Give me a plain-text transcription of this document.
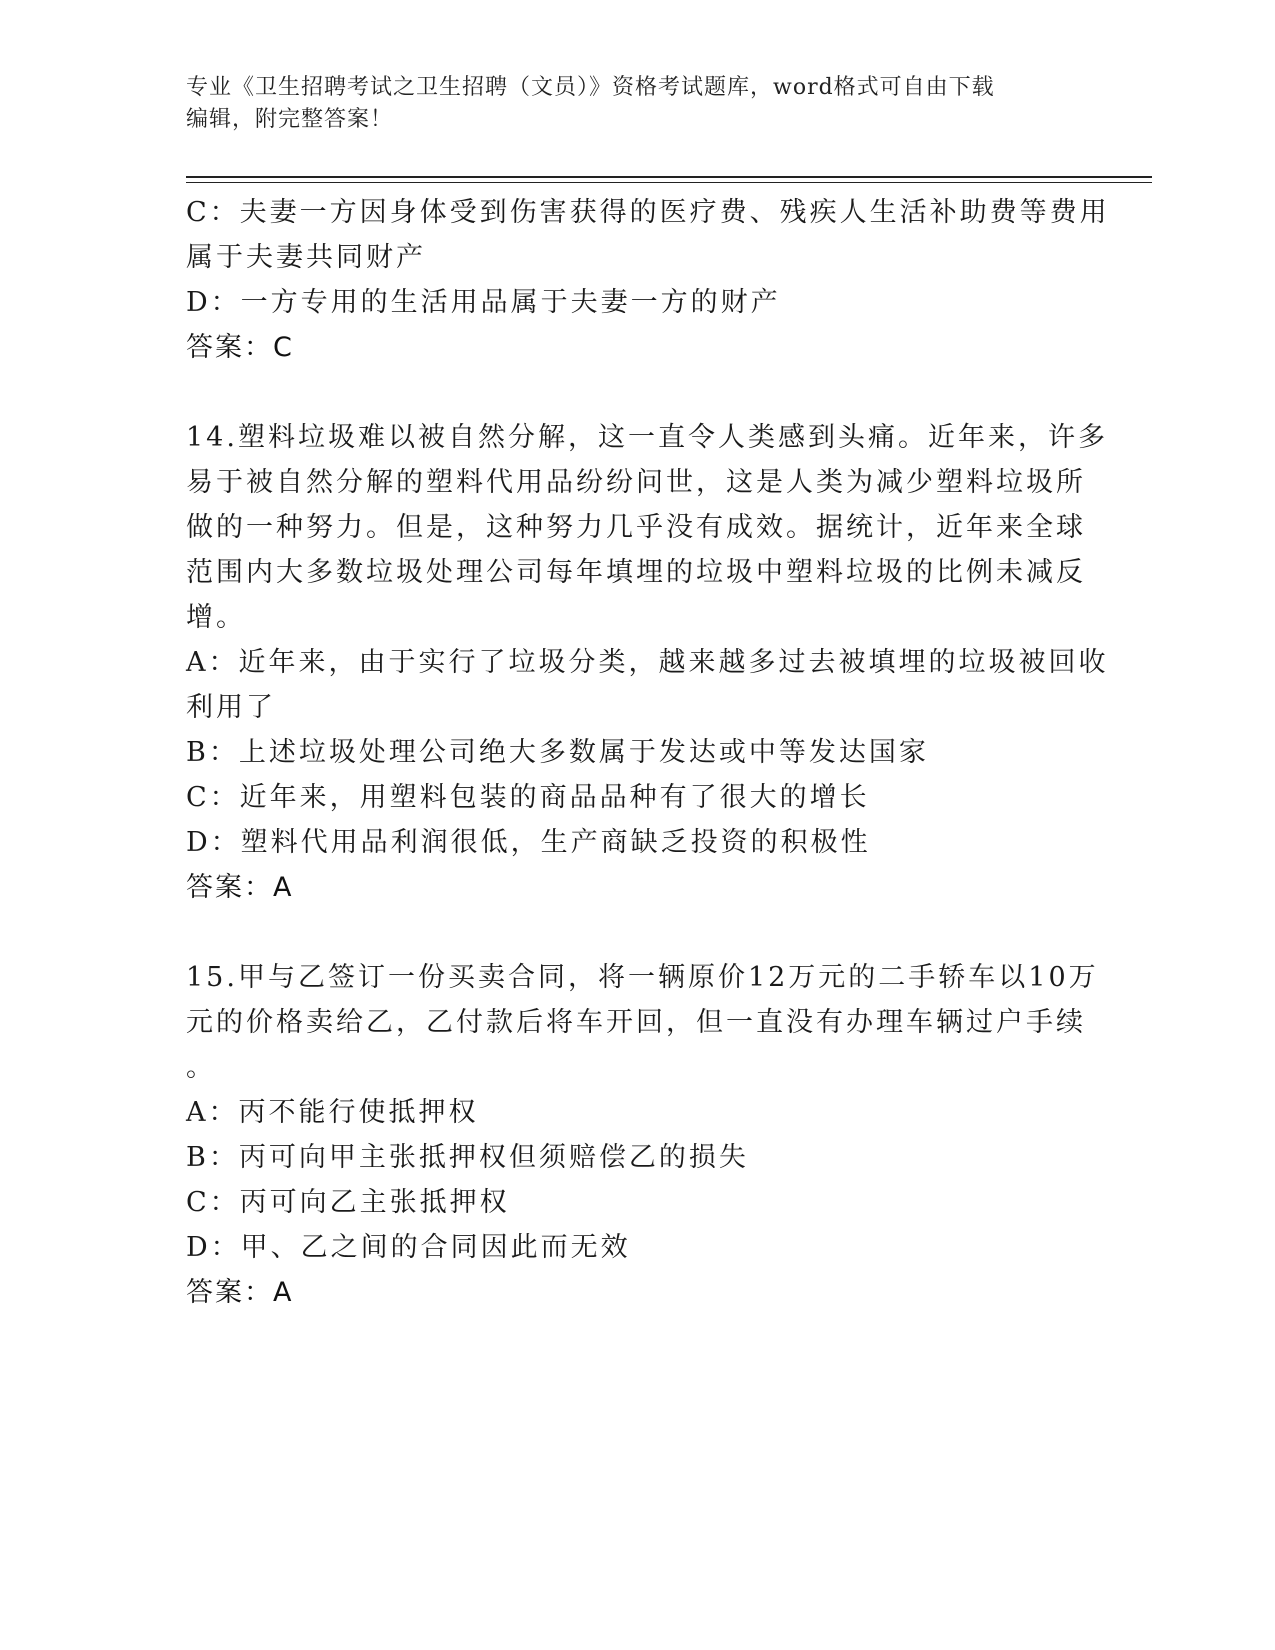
专业《卫生招聘考试之卫生招聘（文员）》资格考试题库，word格式可自由下载
编辑，附完整答案！
C：夫妻一方因身体受到伤害获得的医疗费、残疾人生活补助费等费用
属于夫妻共同财产
D：一方专用的生活用品属于夫妻一方的财产
答案：C
14.塑料垃圾难以被自然分解，这一直令人类感到头痛。近年来，许多
易于被自然分解的塑料代用品纷纷问世，这是人类为减少塑料垃圾所
做的一种努力。但是，这种努力几乎没有成效。据统计，近年来全球
范围内大多数垃圾处理公司每年填埋的垃圾中塑料垃圾的比例未减反
增。
A：近年来，由于实行了垃圾分类，越来越多过去被填埋的垃圾被回收
利用了
B：上述垃圾处理公司绝大多数属于发达或中等发达国家
C：近年来，用塑料包装的商品品种有了很大的增长
D：塑料代用品利润很低，生产商缺乏投资的积极性
答案：A
15.甲与乙签订一份买卖合同，将一辆原价12万元的二手轿车以10万
元的价格卖给乙，乙付款后将车开回，但一直没有办理车辆过户手续
。
A：丙不能行使抵押权
B：丙可向甲主张抵押权但须赔偿乙的损失
C：丙可向乙主张抵押权
D：甲、乙之间的合同因此而无效
答案：A
